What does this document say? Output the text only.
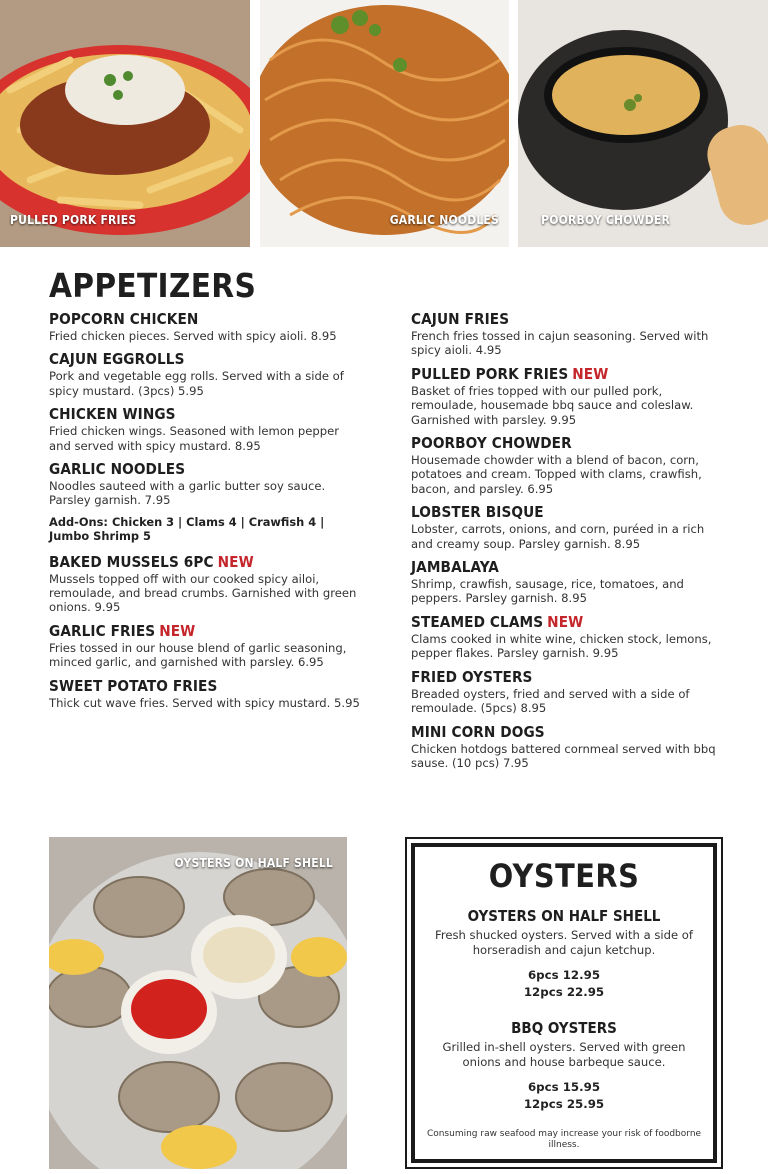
PULLED PORK FRIES	GARLIC NOODLES	POORBOY CHOWDER
APPETIZERS
POPCORN CHICKEN
Fried chicken pieces. Served with spicy aioli. 8.95
CAJUN EGGROLLS
Pork and vegetable egg rolls. Served with a side of spicy mustard. (3pcs) 5.95
CHICKEN WINGS
Fried chicken wings. Seasoned with lemon pepper and served with spicy mustard. 8.95
GARLIC NOODLES
Noodles sauteed with a garlic butter soy sauce. Parsley garnish. 7.95
Add-Ons: Chicken 3 | Clams 4 | Crawfish 4 | Jumbo Shrimp 5
BAKED MUSSELS 6PC NEW
Mussels topped off with our cooked spicy ailoi, remoulade, and bread crumbs. Garnished with green onions. 9.95
GARLIC FRIES NEW
Fries tossed in our house blend of garlic seasoning, minced garlic, and garnished with parsley. 6.95
SWEET POTATO FRIES
Thick cut wave fries. Served with spicy mustard. 5.95
CAJUN FRIES
French fries tossed in cajun seasoning. Served with spicy aioli. 4.95
PULLED PORK FRIES NEW
Basket of fries topped with our pulled pork, remoulade, housemade bbq sauce and coleslaw. Garnished with parsley. 9.95
POORBOY CHOWDER
Housemade chowder with a blend of bacon, corn, potatoes and cream. Topped with clams, crawfish, bacon, and parsley. 6.95
LOBSTER BISQUE
Lobster, carrots, onions, and corn, puréed in a rich and creamy soup. Parsley garnish. 8.95
JAMBALAYA
Shrimp, crawfish, sausage, rice, tomatoes, and peppers. Parsley garnish. 8.95
STEAMED CLAMS NEW
Clams cooked in white wine, chicken stock, lemons, pepper flakes. Parsley garnish. 9.95
FRIED OYSTERS
Breaded oysters, fried and served with a side of remoulade. (5pcs) 8.95
MINI CORN DOGS
Chicken hotdogs battered cornmeal served with bbq sause. (10 pcs) 7.95
OYSTERS ON HALF SHELL	OYSTERS
OYSTERS ON HALF SHELL
Fresh shucked oysters. Served with a side of horseradish and cajun ketchup.
6pcs 12.95
12pcs 22.95
BBQ OYSTERS
Grilled in-shell oysters. Served with green onions and house barbeque sauce.
6pcs 15.95
12pcs 25.95
Consuming raw seafood may increase your risk of foodborne illness.
